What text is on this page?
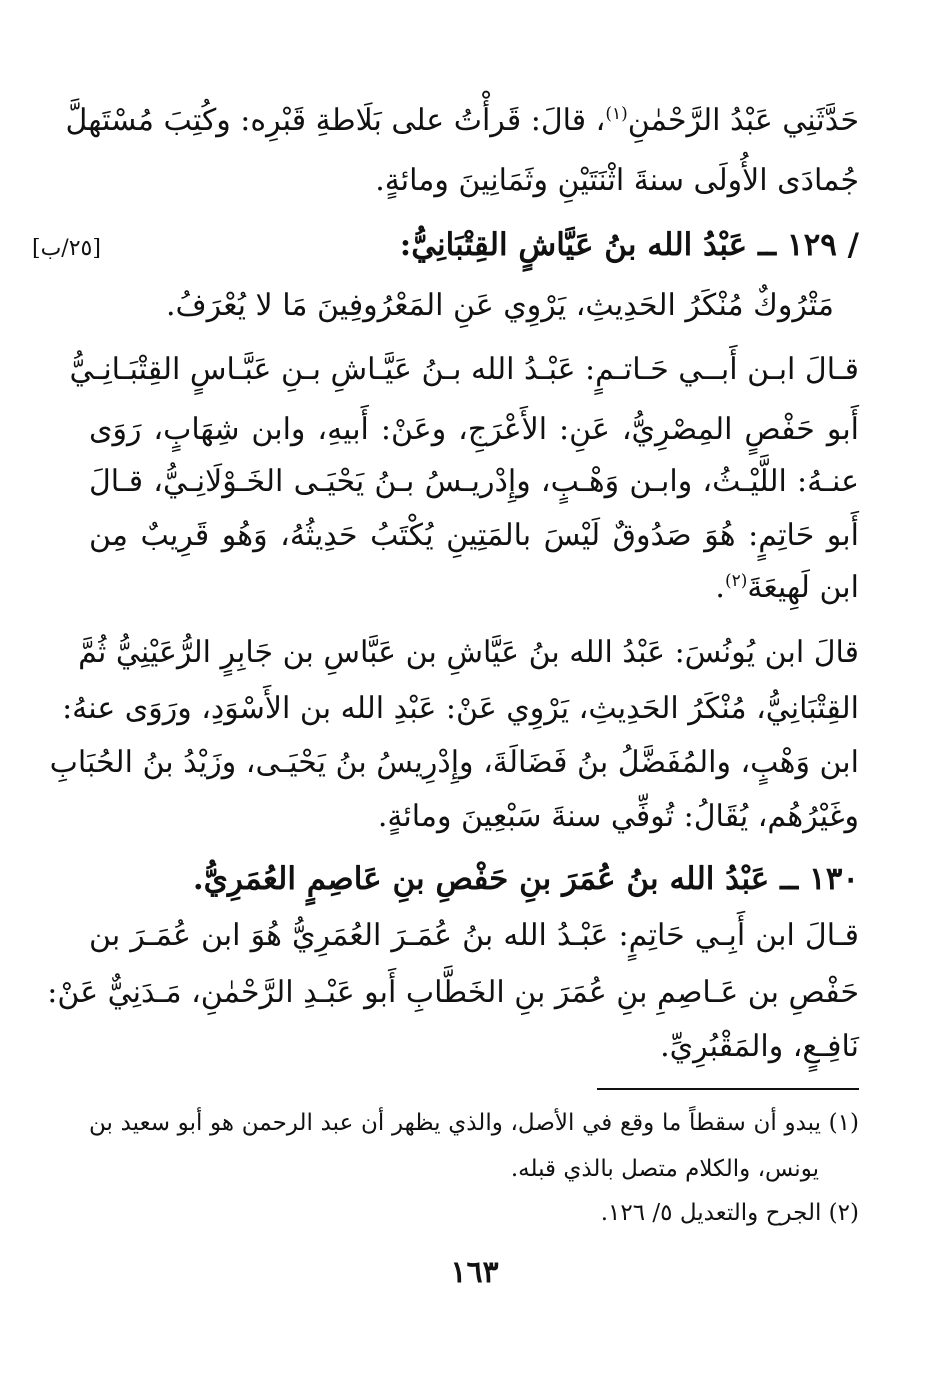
حَدَّثَنِي عَبْدُ الرَّحْمٰنِ$^{(١)}$، قالَ: قَرأْتُ على بَلَاطةِ قَبْرِه: وكُتِبَ مُسْتَهلَّ
جُمادَى الأُولَى سنةَ اثْنَتَيْنِ وثَمَانِينَ ومائةٍ.
/ ١٢٩ ــ عَبْدُ الله بنُ عَيَّاشٍ القِتْبَانِيُّ:
[٢٥/ب]
مَتْرُوكٌ مُنْكَرُ الحَدِيثِ، يَرْوِي عَنِ المَعْرُوفِينَ مَا لا يُعْرَفُ.
قـالَ ابـن أَبــي حَـاتـمٍ: عَبْـدُ الله بـنُ عَيَّـاشِ بـنِ عَبَّـاسٍ القِتْبَـانِـيُّ
أَبو حَفْصٍ المِصْرِيُّ، عَنِ: الأَعْرَجِ، وعَنْ: أَبيهِ، وابن شِهَابٍ، رَوَى
عنـهُ: اللَّيْـثُ، وابـن وَهْـبٍ، وإِدْريـسُ بـنُ يَحْيَـى الخَـوْلَانِـيُّ، قـالَ
أَبو حَاتِمٍ: هُوَ صَدُوقٌ لَيْسَ بالمَتِينِ يُكْتَبُ حَدِيثُهُ، وَهُو قَرِيبٌ مِن
ابن لَهِيعَةَ$^{(٢)}$.
قالَ ابن يُونُسَ: عَبْدُ الله بنُ عَيَّاشِ بن عَبَّاسِ بن جَابِرٍ الرُّعَيْنِيُّ ثُمَّ
القِتْبَانِيُّ، مُنْكَرُ الحَدِيثِ، يَرْوِي عَنْ: عَبْدِ الله بن الأَسْوَدِ، ورَوَى عنهُ:
ابن وَهْبٍ، والمُفَضَّلُ بنُ فَضَالَةَ، وإِدْرِيسُ بنُ يَحْيَـى، وزَيْدُ بنُ الحُبَابِ
وغَيْرُهُم، يُقَالُ: تُوفِّي سنةَ سَبْعِينَ ومائةٍ.
١٣٠ ــ عَبْدُ الله بنُ عُمَرَ بنِ حَفْصِ بنِ عَاصِمٍ العُمَرِيُّ.
قـالَ ابن أَبِـي حَاتِمٍ: عَبْـدُ الله بنُ عُمَـرَ العُمَرِيُّ هُوَ ابن عُمَـرَ بن
حَفْصِ بن عَـاصِمِ بنِ عُمَرَ بنِ الخَطَّابِ أَبو عَبْـدِ الرَّحْمٰنِ، مَـدَنِيٌّ عَنْ:
نَافِـعٍ، والمَقْبُرِيِّ.
(١) يبدو أن سقطاً ما وقع في الأصل، والذي يظهر أن عبد الرحمن هو أبو سعيد بن
يونس، والكلام متصل بالذي قبله.
(٢) الجرح والتعديل ٥/ ١٢٦.
١٦٣
